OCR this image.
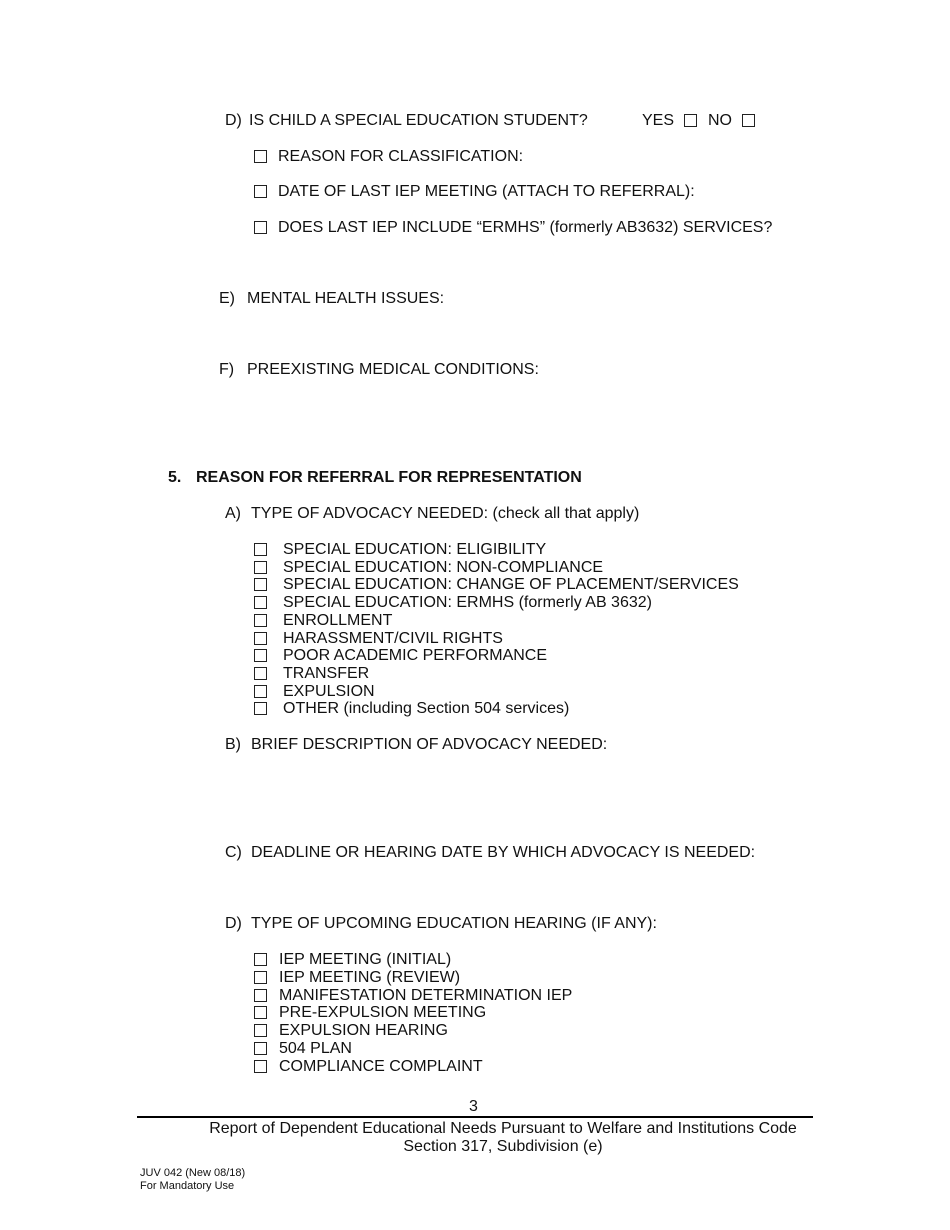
D) IS CHILD A SPECIAL EDUCATION STUDENT?	YES NO
REASON FOR CLASSIFICATION:
DATE OF LAST IEP MEETING (ATTACH TO REFERRAL):
DOES LAST IEP INCLUDE “ERMHS” (formerly AB3632) SERVICES?
E) MENTAL HEALTH ISSUES:
F) PREEXISTING MEDICAL CONDITIONS:
5. REASON FOR REFERRAL FOR REPRESENTATION
A) TYPE OF ADVOCACY NEEDED: (check all that apply)
SPECIAL EDUCATION: ELIGIBILITY
SPECIAL EDUCATION: NON-COMPLIANCE
SPECIAL EDUCATION: CHANGE OF PLACEMENT/SERVICES
SPECIAL EDUCATION: ERMHS (formerly AB 3632)
ENROLLMENT
HARASSMENT/CIVIL RIGHTS
POOR ACADEMIC PERFORMANCE
TRANSFER
EXPULSION
OTHER (including Section 504 services)
B) BRIEF DESCRIPTION OF ADVOCACY NEEDED:
C) DEADLINE OR HEARING DATE BY WHICH ADVOCACY IS NEEDED:
D) TYPE OF UPCOMING EDUCATION HEARING (IF ANY):
IEP MEETING (INITIAL)
IEP MEETING (REVIEW)
MANIFESTATION DETERMINATION IEP
PRE-EXPULSION MEETING
EXPULSION HEARING
504 PLAN
COMPLIANCE COMPLAINT
3
Report of Dependent Educational Needs Pursuant to Welfare and Institutions Code
Section 317, Subdivision (e)
JUV 042 (New 08/18)
For Mandatory Use
